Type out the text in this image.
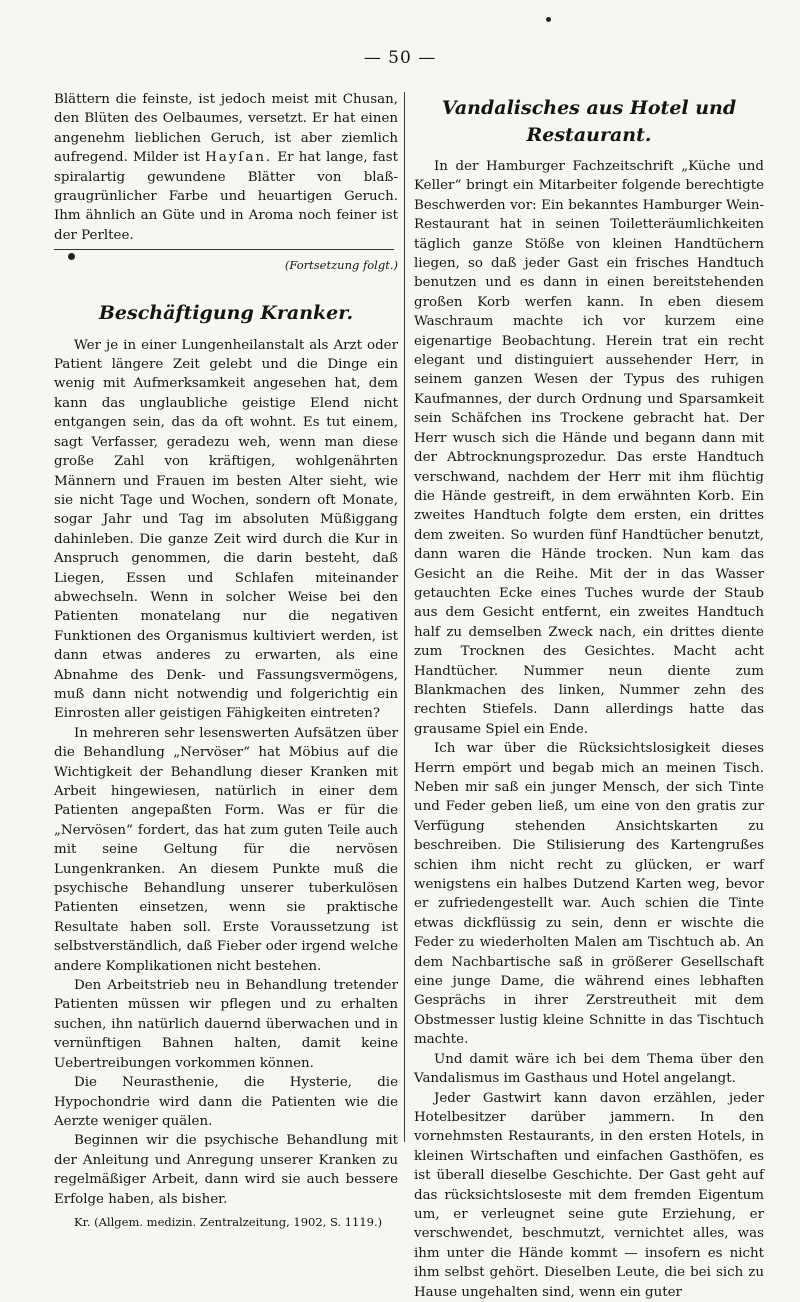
— 50 —

Blättern die feinste, ist jedoch meist mit Chusan, den Blüten des Oelbaumes, versetzt. Er hat einen angenehm lieblichen Geruch, ist aber ziemlich aufregend. Milder ist Hayſan. Er hat lange, fast spiralartig gewundene Blätter von blaß-graugrünlicher Farbe und heuartigen Geruch. Ihm ähnlich an Güte und in Aroma noch feiner ist der Perltee.

(Fortsetzung folgt.)

Beschäftigung Kranker.

Wer je in einer Lungenheilanstalt als Arzt oder Patient längere Zeit gelebt und die Dinge ein wenig mit Aufmerksamkeit angesehen hat, dem kann das unglaubliche geistige Elend nicht entgangen sein, das da oft wohnt. Es tut einem, sagt Verfasser, geradezu weh, wenn man diese große Zahl von kräftigen, wohlgenährten Männern und Frauen im besten Alter sieht, wie sie nicht Tage und Wochen, sondern oft Monate, sogar Jahr und Tag im absoluten Müßiggang dahinleben. Die ganze Zeit wird durch die Kur in Anspruch genommen, die darin besteht, daß Liegen, Essen und Schlafen miteinander abwechseln. Wenn in solcher Weise bei den Patienten monatelang nur die negativen Funktionen des Organismus kultiviert werden, ist dann etwas anderes zu erwarten, als eine Abnahme des Denk- und Fassungsvermögens, muß dann nicht notwendig und folgerichtig ein Einrosten aller geistigen Fähigkeiten eintreten?

In mehreren sehr lesenswerten Aufsätzen über die Behandlung „Nervöser“ hat Möbius auf die Wichtigkeit der Behandlung dieser Kranken mit Arbeit hingewiesen, natürlich in einer dem Patienten angepaßten Form. Was er für die „Nervösen“ fordert, das hat zum guten Teile auch mit seine Geltung für die nervösen Lungenkranken. An diesem Punkte muß die psychische Behandlung unserer tuberkulösen Patienten einsetzen, wenn sie praktische Resultate haben soll. Erste Voraussetzung ist selbstverständlich, daß Fieber oder irgend welche andere Komplikationen nicht bestehen.

Den Arbeitstrieb neu in Behandlung tretender Patienten müssen wir pflegen und zu erhalten suchen, ihn natürlich dauernd überwachen und in vernünftigen Bahnen halten, damit keine Uebertreibungen vorkommen können.

Die Neurasthenie, die Hysterie, die Hypochondrie wird dann die Patienten wie die Aerzte weniger quälen.

Beginnen wir die psychische Behandlung mit der Anleitung und Anregung unserer Kranken zu regelmäßiger Arbeit, dann wird sie auch bessere Erfolge haben, als bisher.

Kr. (Allgem. medizin. Zentralzeitung, 1902, S. 1119.)

Vandalisches aus Hotel und Restaurant.

In der Hamburger Fachzeitschrift „Küche und Keller“ bringt ein Mitarbeiter folgende berechtigte Beschwerden vor: Ein bekanntes Hamburger Wein-Restaurant hat in seinen Toiletteräumlichkeiten täglich ganze Stöße von kleinen Handtüchern liegen, so daß jeder Gast ein frisches Handtuch benutzen und es dann in einen bereitstehenden großen Korb werfen kann. In eben diesem Waschraum machte ich vor kurzem eine eigenartige Beobachtung. Herein trat ein recht elegant und distinguiert aussehender Herr, in seinem ganzen Wesen der Typus des ruhigen Kaufmannes, der durch Ordnung und Sparsamkeit sein Schäfchen ins Trockene gebracht hat. Der Herr wusch sich die Hände und begann dann mit der Abtrocknungsprozedur. Das erste Handtuch verschwand, nachdem der Herr mit ihm flüchtig die Hände gestreift, in dem erwähnten Korb. Ein zweites Handtuch folgte dem ersten, ein drittes dem zweiten. So wurden fünf Handtücher benutzt, dann waren die Hände trocken. Nun kam das Gesicht an die Reihe. Mit der in das Wasser getauchten Ecke eines Tuches wurde der Staub aus dem Gesicht entfernt, ein zweites Handtuch half zu demselben Zweck nach, ein drittes diente zum Trocknen des Gesichtes. Macht acht Handtücher. Nummer neun diente zum Blankmachen des linken, Nummer zehn des rechten Stiefels. Dann allerdings hatte das grausame Spiel ein Ende.

Ich war über die Rücksichtslosigkeit dieses Herrn empört und begab mich an meinen Tisch. Neben mir saß ein junger Mensch, der sich Tinte und Feder geben ließ, um eine von den gratis zur Verfügung stehenden Ansichtskarten zu beschreiben. Die Stilisierung des Kartengrußes schien ihm nicht recht zu glücken, er warf wenigstens ein halbes Dutzend Karten weg, bevor er zufriedengestellt war. Auch schien die Tinte etwas dickflüssig zu sein, denn er wischte die Feder zu wiederholten Malen am Tischtuch ab. An dem Nachbartische saß in größerer Gesellschaft eine junge Dame, die während eines lebhaften Gesprächs in ihrer Zerstreutheit mit dem Obstmesser lustig kleine Schnitte in das Tischtuch machte.

Und damit wäre ich bei dem Thema über den Vandalismus im Gasthaus und Hotel angelangt.

Jeder Gastwirt kann davon erzählen, jeder Hotelbesitzer darüber jammern. In den vornehmsten Restaurants, in den ersten Hotels, in kleinen Wirtschaften und einfachen Gasthöfen, es ist überall dieselbe Geschichte. Der Gast geht auf das rücksichtsloseste mit dem fremden Eigentum um, er verleugnet seine gute Erziehung, er verschwendet, beschmutzt, vernichtet alles, was ihm unter die Hände kommt — insofern es nicht ihm selbst gehört. Dieselben Leute, die bei sich zu Hause ungehalten sind, wenn ein guter
